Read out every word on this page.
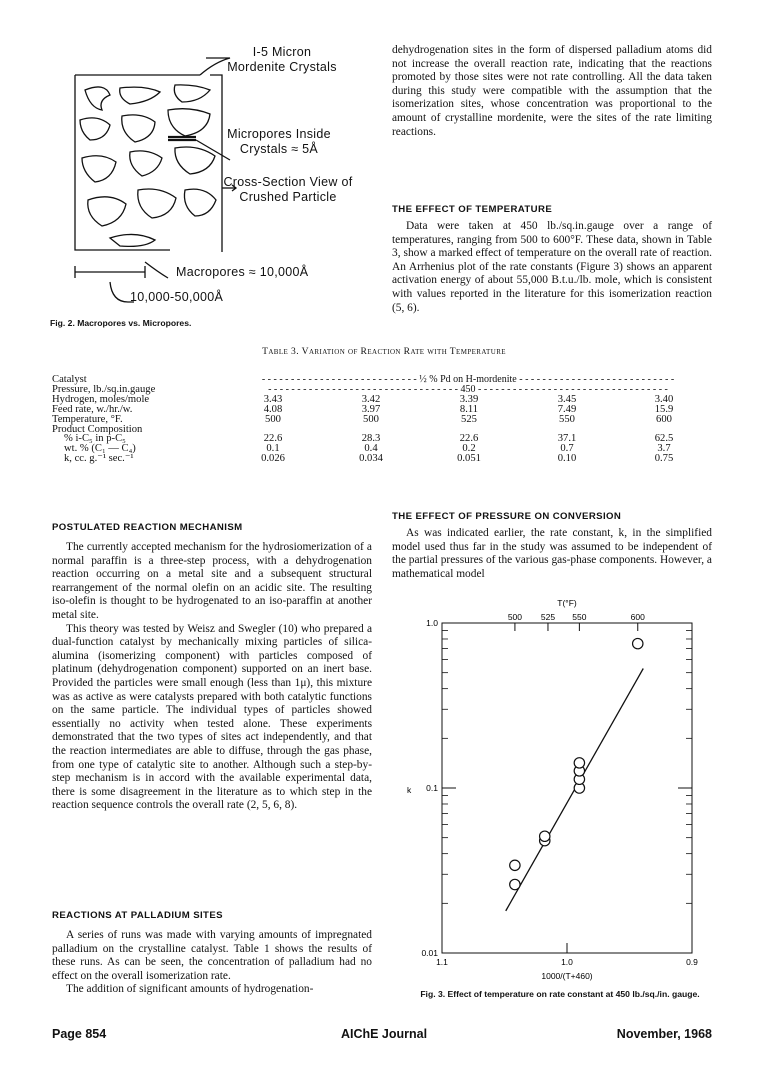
I-5 Micron
Mordenite Crystals
Micropores Inside
Crystals ≈ 5Å
Cross-Section View of
Crushed Particle
Macropores ≈ 10,000Å
10,000-50,000Å
Fig. 2. Macropores vs. Micropores.

dehydrogenation sites in the form of dispersed palladium atoms did not increase the overall reaction rate, indicating that the reactions promoted by those sites were not rate controlling. All the data taken during this study were compatible with the assumption that the isomerization sites, whose concentration was proportional to the amount of crystalline mordenite, were the sites of the rate limiting reactions.

THE EFFECT OF TEMPERATURE

Data were taken at 450 lb./sq.in.gauge over a range of temperatures, ranging from 500 to 600°F. These data, shown in Table 3, show a marked effect of temperature on the overall rate of reaction. An Arrhenius plot of the rate constants (Figure 3) shows an apparent activation energy of about 55,000 B.t.u./lb. mole, which is consistent with values reported in the literature for this isomerization reaction (5, 6).

Table 3. Variation of Reaction Rate with Temperature
Catalyst	- - - - - - - - - - - - - - - - - - - - - - - - - - - ½ % Pd on H-mordenite - - - - - - - - - - - - - - - - - - - - - - - - - - -				
Pressure, lb./sq.in.gauge	- - - - - - - - - - - - - - - - - - - - - - - - - - - - - - - - - 450 - - - - - - - - - - - - - - - - - - - - - - - - - - - - - - - - -				
Hydrogen, moles/mole	3.43	3.42	3.39	3.45	3.40
Feed rate, w./hr./w.	4.08	3.97	8.11	7.49	15.9
Temperature, °F.	500	500	525	550	600
Product Composition					
% i-C₅ in p-C₅	22.6	28.3	22.6	37.1	62.5
wt. % (C₁ — C₄)	0.1	0.4	0.2	0.7	3.7
k, cc. g.⁻¹ sec.⁻¹	0.026	0.034	0.051	0.10	0.75
POSTULATED REACTION MECHANISM

The currently accepted mechanism for the hydrosiomerization of a normal paraffin is a three-step process, with a dehydrogenation reaction occurring on a metal site and a subsequent structural rearrangement of the normal olefin on an acidic site. The resulting iso-olefin is thought to be hydrogenated to an iso-paraffin at another metal site.

This theory was tested by Weisz and Swegler (10) who prepared a dual-function catalyst by mechanically mixing particles of silica-alumina (isomerizing component) with particles composed of platinum (dehydrogenation component) supported on an inert base. Provided the particles were small enough (less than 1μ), this mixture was as active as were catalysts prepared with both catalytic functions on the same particle. The individual types of particles showed essentially no activity when tested alone. These experiments demonstrated that the two types of sites act independently, and that the reaction intermediates are able to diffuse, through the gas phase, from one type of catalytic site to another. Although such a step-by-step mechanism is in accord with the available experimental data, there is some disagreement in the literature as to which step in the reaction sequence controls the overall rate (2, 5, 6, 8).

REACTIONS AT PALLADIUM SITES

A series of runs was made with varying amounts of impregnated palladium on the crystalline catalyst. Table 1 shows the results of these runs. As can be seen, the concentration of palladium had no effect on the overall isomerization rate.

The addition of significant amounts of hydrogenation-

THE EFFECT OF PRESSURE ON CONVERSION

As was indicated earlier, the rate constant, k, in the simplified model used thus far in the study was assumed to be independent of the partial pressures of the various gas-phase components. However, a mathematical model

1.0
0.1
0.01
1.1	1.0	0.9
500 525 550	600
T(°F)
k
1000/(T+460)
Fig. 3. Effect of temperature on rate constant at 450 lb./sq./in. gauge.
Page 854	AIChE Journal	November, 1968
